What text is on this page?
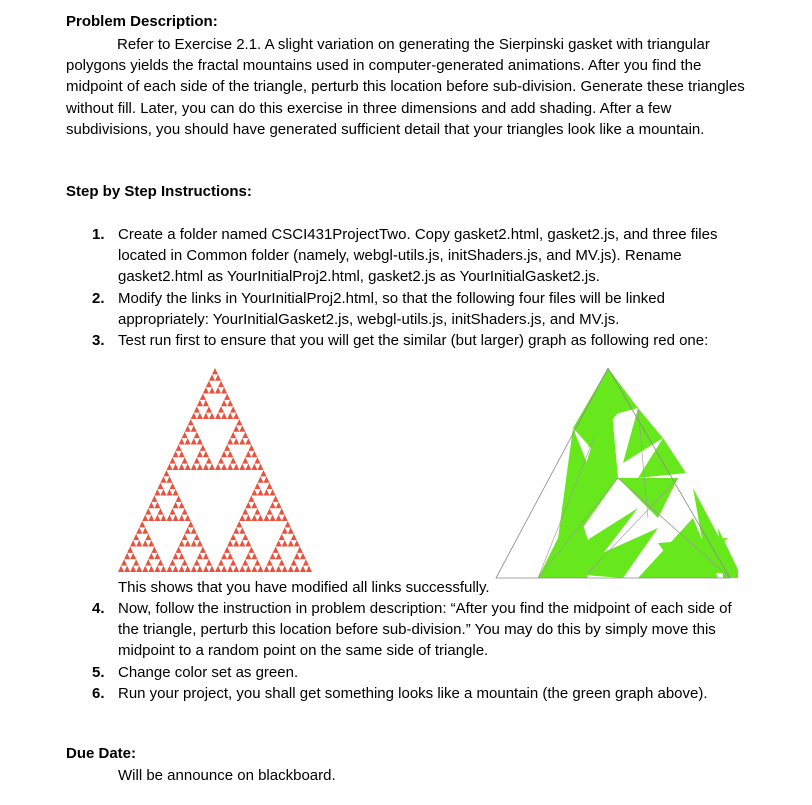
Problem Description:

Refer to Exercise 2.1. A slight variation on generating the Sierpinski gasket with triangular polygons yields the fractal mountains used in computer-generated animations. After you find the midpoint of each side of the triangle, perturb this location before sub-division. Generate these triangles without fill. Later, you can do this exercise in three dimensions and add shading. After a few subdivisions, you should have generated sufficient detail that your triangles look like a mountain.

Step by Step Instructions:
1. Create a folder named CSCI431ProjectTwo. Copy gasket2.html, gasket2.js, and three files located in Common folder (namely, webgl-utils.js, initShaders.js, and MV.js). Rename gasket2.html as YourInitialProj2.html, gasket2.js as YourInitialGasket2.js.
2. Modify the links in YourInitialProj2.html, so that the following four files will be linked appropriately: YourInitialGasket2.js, webgl-utils.js, initShaders.js, and MV.js.
3. Test run first to ensure that you will get the similar (but larger) graph as following red one:

This shows that you have modified all links successfully.

4. Now, follow the instruction in problem description: “After you find the midpoint of each side of the triangle, perturb this location before sub-division.” You may do this by simply move this midpoint to a random point on the same side of triangle.
5. Change color set as green.
6. Run your project, you shall get something looks like a mountain (the green graph above).
Due Date:

Will be announce on blackboard.
